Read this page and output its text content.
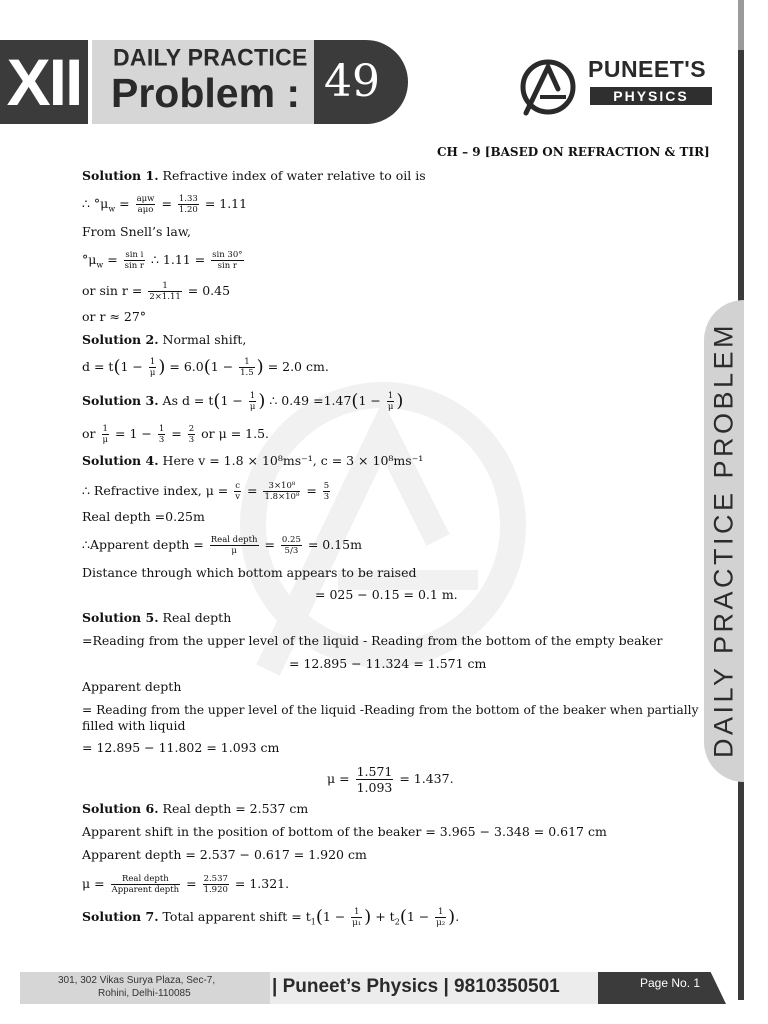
XII DAILY PRACTICE
Problem : 49	PUNEET'S
PHYSICS
CH – 9 [BASED ON REFRACTION & TIR]
DAILY PRACTICE PROBLEM
Solution 1. Refractive index of water relative to oil is
∴ $^\circ\mu_w = \frac{\text{aμw}}{\text{aμo}} = \frac{1.33}{1.20} = 1.11$
From Snell’s law,
$^\circ\mu_w = \frac{\text{sin i}}{\text{sin r}}$ ∴ $1.11 = \frac{\sin 30^\circ}{\text{sin r}}$
or $\sin r = \frac{1}{2\times 1.11} = 0.45$
or r ≈ 27°
Solution 2. Normal shift,
$d = t(1 - \frac{1}{\mu}$ ) = $6.0(1 - \frac{1}{1.5}$ ) = 2.0 cm.
Solution 3. As $d = t(1 - \frac{1}{\mu}$ ) ∴ $0.49 =1.47(1 - \frac{1}{\mu}$ )
or $\frac{1}{\mu} = 1 - \frac{1}{3} = \frac{2}{3}$ or μ = 1.5.
Solution 4. Here v = 1.8 × 10⁸ms⁻¹, c = 3 × 10⁸ms⁻¹
∴ Refractive index, $\mu = \frac{c}{v} = \frac{\text{3×10⁸}}{\text{1.8×10⁸}} = \frac{5}{3}$
Real depth =0.25m
∴Apparent depth = $\frac{\text{Real depth}}{\mu} = \frac{0.25}{5/3} = 0.15m$
Distance through which bottom appears to be raised
= 025 − 0.15 = 0.1 m.
Solution 5. Real depth
=Reading from the upper level of the liquid - Reading from the bottom of the empty beaker
= 12.895 − 11.324 = 1.571 cm
Apparent depth
= Reading from the upper level of the liquid -Reading from the bottom of the beaker when partially
filled with liquid
= 12.895 − 11.802 = 1.093 cm
$\mu = \frac{1.571}{1.093} = 1.437$.
Solution 6. Real depth = 2.537 cm
Apparent shift in the position of bottom of the beaker = 3.965 − 3.348 = 0.617 cm
Apparent depth = 2.537 − 0.617 = 1.920 cm
$\mu = \frac{\text{Real depth}}{\text{Apparent depth}} = \frac{2.537}{1.920} = 1.321$.
Solution 7. Total apparent shift = $t_1(1 - \frac{1}{\text{μ₁}}$ ) + $t_2(1 - \frac{1}{\text{μ₂}}$ ).
301, 302 Vikas Surya Plaza, Sec-7,
Rohini, Delhi-110085	| Puneet’s Physics | 9810350501	Page No. 1
